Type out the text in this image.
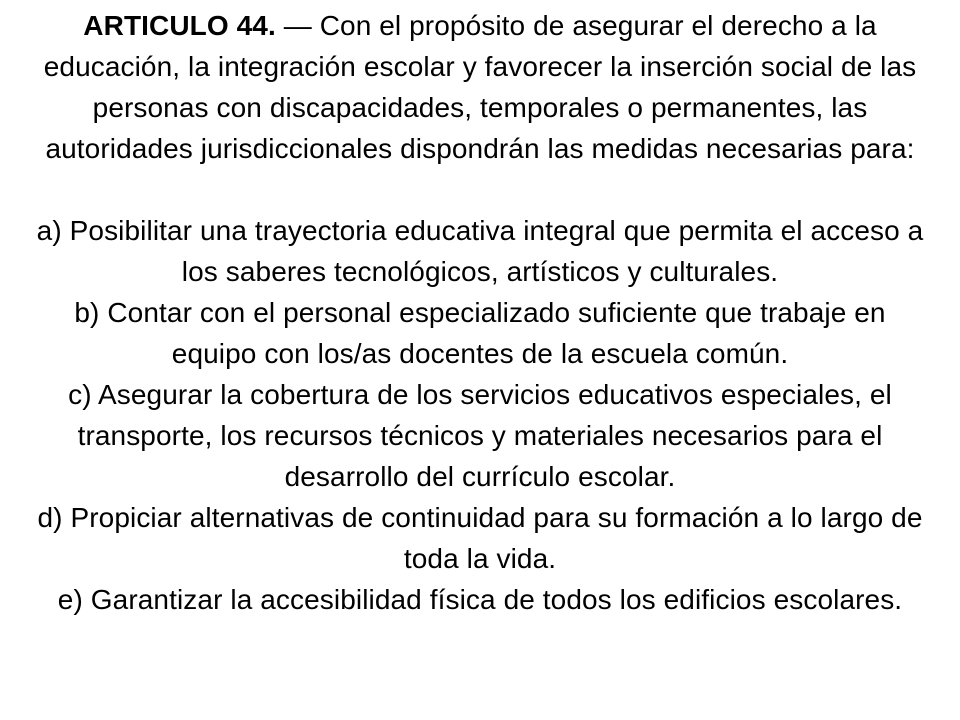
ARTICULO 44. — Con el propósito de asegurar el derecho a la educación, la integración escolar y favorecer la inserción social de las personas con discapacidades, temporales o permanentes, las autoridades jurisdiccionales dispondrán las medidas necesarias para:

a) Posibilitar una trayectoria educativa integral que permita el acceso a los saberes tecnológicos, artísticos y culturales.

b) Contar con el personal especializado suficiente que trabaje en equipo con los/as docentes de la escuela común.

c) Asegurar la cobertura de los servicios educativos especiales, el transporte, los recursos técnicos y materiales necesarios para el desarrollo del currículo escolar.

d) Propiciar alternativas de continuidad para su formación a lo largo de toda la vida.

e) Garantizar la accesibilidad física de todos los edificios escolares.
